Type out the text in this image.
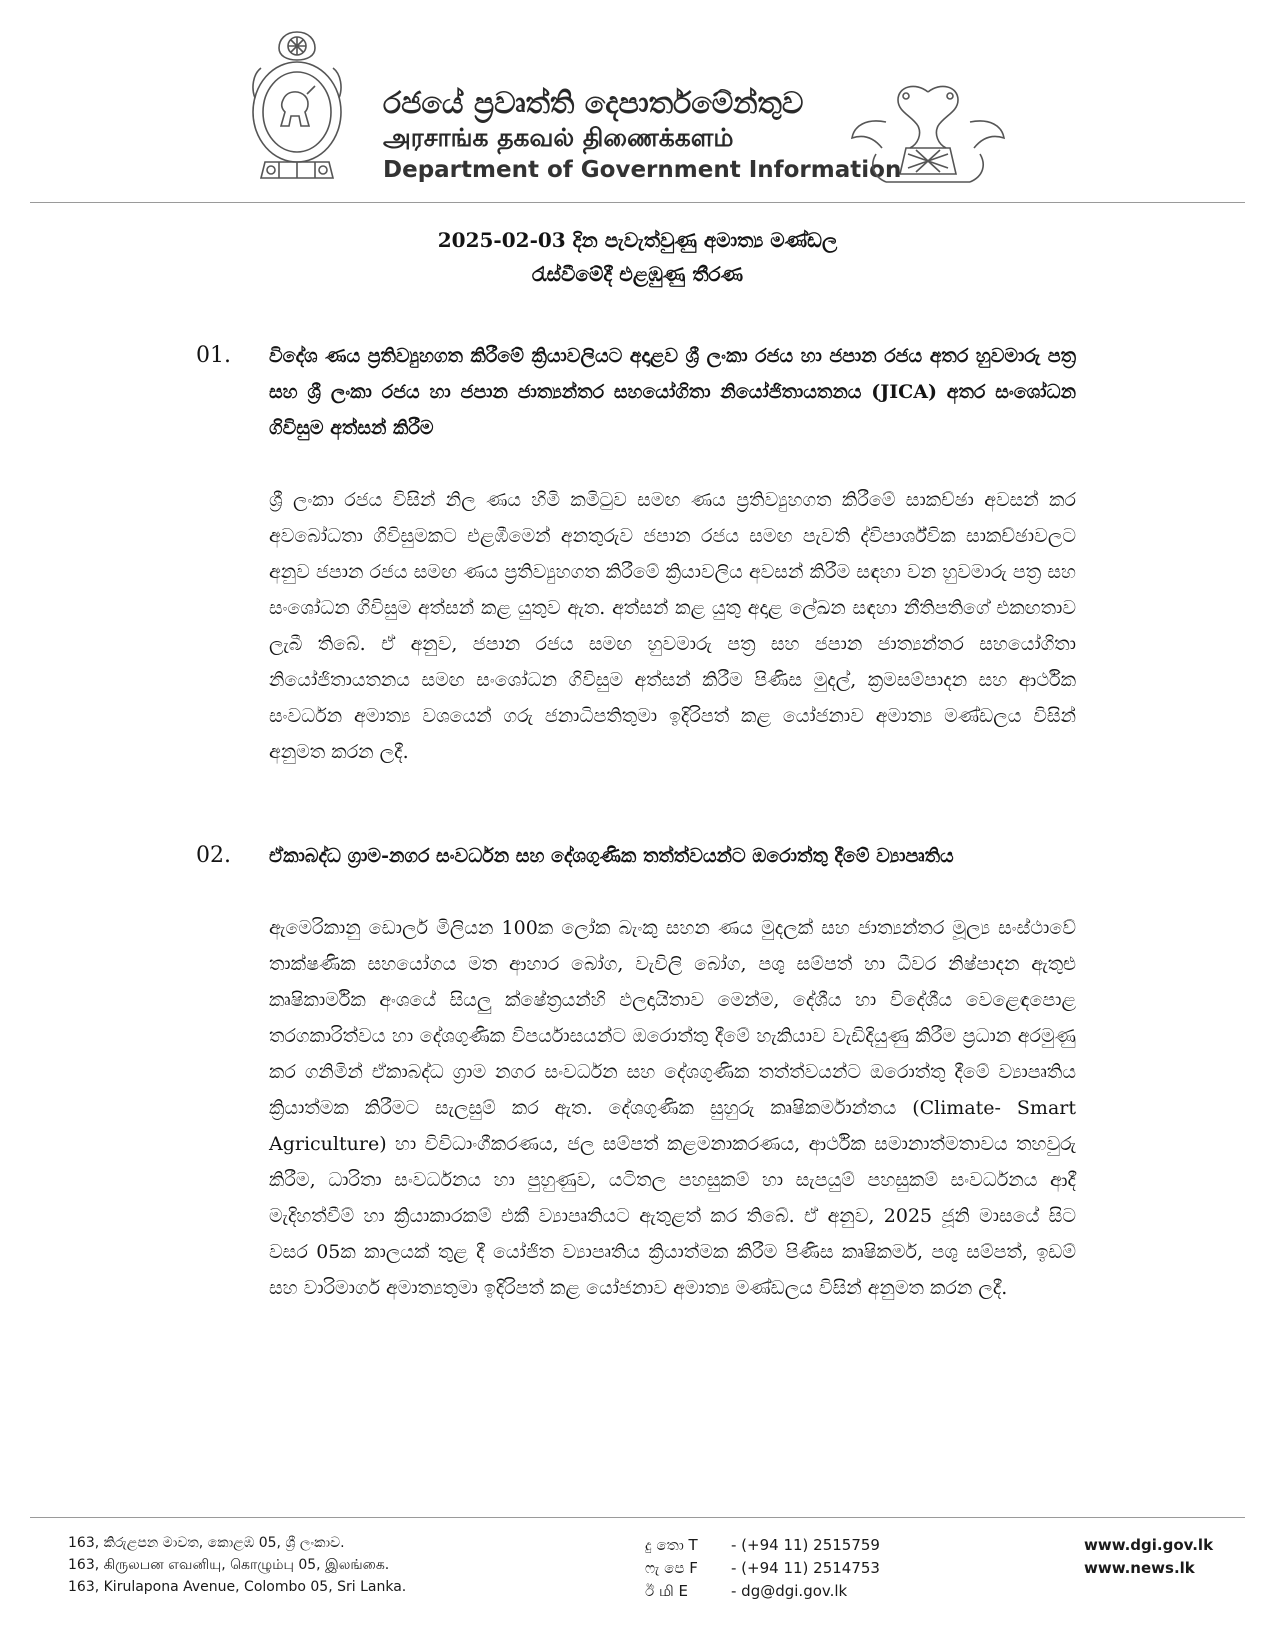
රජයේ ප්‍රවෘත්ති දෙපාර්තමේන්තුව
அரசாங்க தகவல் திணைக்களம்
Department of Government Information
2025-02-03 දින පැවැත්වුණු අමාත්‍ය මණ්ඩල
රැස්වීමේදී එළඹුණු තීරණ
01. විදේශ ණය ප්‍රතිව්‍යුහගත කිරීමේ ක්‍රියාවලියට අදාළව ශ්‍රී ලංකා රජය හා ජපාන රජය අතර හුවමාරු පත්‍ර සහ ශ්‍රී ලංකා රජය හා ජපාන ජාත්‍යන්තර සහයෝගිතා නියෝජිතායතනය (JICA) අතර සංශෝධන ගිවිසුම අත්සන් කිරීම
ශ්‍රී ලංකා රජය විසින් නිල ණය හිමි කමිටුව සමඟ ණය ප්‍රතිව්‍යුහගත කිරීමේ සාකච්ඡා අවසන් කර අවබෝධතා ගිවිසුමකට එළඹීමෙන් අනතුරුව ජපාන රජය සමඟ පැවති ද්විපාර්ශ්වික සාකච්ඡාවලට අනුව ජපාන රජය සමඟ ණය ප්‍රතිව්‍යුහගත කිරීමේ ක්‍රියාවලිය අවසන් කිරීම සඳහා වන හුවමාරු පත්‍ර සහ සංශෝධන ගිවිසුම අත්සන් කළ යුතුව ඇත. අත්සන් කළ යුතු අදාළ ලේඛන සඳහා නීතිපතිගේ එකඟතාව ලැබී තිබේ. ඒ අනුව, ජපාන රජය සමඟ හුවමාරු පත්‍ර සහ ජපාන ජාත්‍යන්තර සහයෝගිතා නියෝජිතායතනය සමඟ සංශෝධන ගිවිසුම අත්සන් කිරීම පිණිස මුදල්, ක්‍රමසම්පාදන සහ ආර්ථික සංවර්ධන අමාත්‍ය වශයෙන් ගරු ජනාධිපතිතුමා ඉදිරිපත් කළ යෝජනාව අමාත්‍ය මණ්ඩලය විසින් අනුමත කරන ලදී.
02. ඒකාබද්ධ ග්‍රාම-නගර සංවර්ධන සහ දේශගුණික තත්ත්වයන්ට ඔරොත්තු දීමේ ව්‍යාපෘතිය
ඇමෙරිකානු ඩොලර් මිලියන 100ක ලෝක බැංකු සහන ණය මුදලක් සහ ජාත්‍යන්තර මූල්‍ය සංස්ථාවේ තාක්ෂණික සහයෝගය මත ආහාර බෝග, වැවිලි බෝග, පශු සම්පත් හා ධීවර නිෂ්පාදන ඇතුළු කෘෂිකාර්මික අංශයේ සියලු ක්ෂේත්‍රයන්හි ඵලදායිතාව මෙන්ම, දේශීය හා විදේශීය වෙළෙඳපොළ තරගකාරිත්වය හා දේශගුණික විපර්යාසයන්ට ඔරොත්තු දීමේ හැකියාව වැඩිදියුණු කිරීම ප්‍රධාන අරමුණු කර ගනිමින් ඒකාබද්ධ ග්‍රාම නගර සංවර්ධන සහ දේශගුණික තත්ත්වයන්ට ඔරොත්තු දීමේ ව්‍යාපෘතිය ක්‍රියාත්මක කිරීමට සැලසුම් කර ඇත. දේශගුණික සුහුරු කෘෂිකර්මාන්තය (Climate- Smart Agriculture) හා විවිධාංගීකරණය, ජල සම්පත් කළමනාකරණය, ආර්ථික සමානාත්මතාවය තහවුරු කිරීම, ධාරිතා සංවර්ධනය හා පුහුණුව, යටිතල පහසුකම් හා සැපයුම් පහසුකම් සංවර්ධනය ආදී මැදිහත්වීම් හා ක්‍රියාකාරකම් එකී ව්‍යාපෘතියට ඇතුළත් කර තිබේ. ඒ අනුව, 2025 ජූනි මාසයේ සිට වසර 05ක කාලයක් තුළ දී යෝජිත ව්‍යාපෘතිය ක්‍රියාත්මක කිරීම පිණිස කෘෂිකර්ම, පශු සම්පත්, ඉඩම් සහ වාරිමාර්ග අමාත්‍යතුමා ඉදිරිපත් කළ යෝජනාව අමාත්‍ය මණ්ඩලය විසින් අනුමත කරන ලදී.
163, කිරුළපන මාවත, කොළඹ 05, ශ්‍රී ලංකාව.
163, கிருலபன எவனியு, கொழும்பு 05, இலங்கை.
163, Kirulapona Avenue, Colombo 05, Sri Lanka.
දු තො T	- (+94 11) 2515759
ෆැ පෙ F	- (+94 11) 2514753
ඊ மி E	- dg@dgi.gov.lk
www.dgi.gov.lk
www.news.lk
